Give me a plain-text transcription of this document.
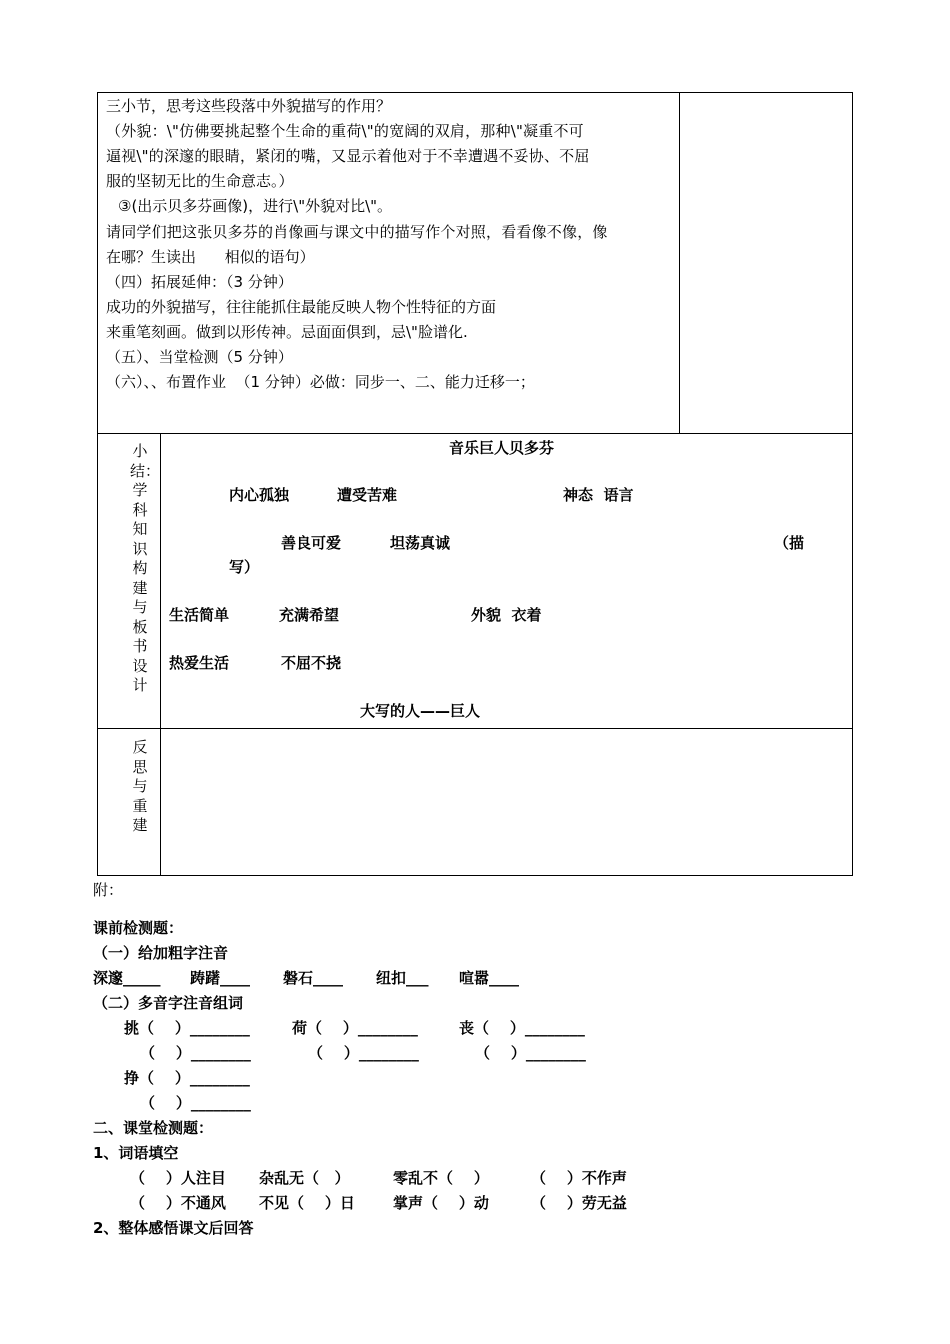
三小节，思考这些段落中外貌描写的作用？
（外貌：\"仿佛要挑起整个生命的重荷\"的宽阔的双肩，那种\"凝重不可
逼视\"的深邃的眼睛，紧闭的嘴，又显示着他对于不幸遭遇不妥协、不屈
服的坚韧无比的生命意志。）
③(出示贝多芬画像)，进行\"外貌对比\"。
请同学们把这张贝多芬的肖像画与课文中的描写作个对照，看看像不像，像
在哪？生读出      相似的语句）
（四）拓展延伸：（3 分钟）
成功的外貌描写，往往能抓住最能反映人物个性特征的方面
来重笔刻画。做到以形传神。忌面面俱到，忌\"脸谱化.
（五）、当堂检测（5 分钟）
（六）、、布置作业  （1 分钟）必做：同步一、二、能力迁移一；
小结：学科知识构建与板书设计
音乐巨人贝多芬
内心孤独	遭受苦难	神态  语言
善良可爱	坦荡真诚	（描
写）
生活简单	充满希望	外貌  衣着
热爱生活	不屈不挠
大写的人——巨人
反思与重建
附：
课前检测题：
（一）给加粗字注音
深邃_____ 踌躇____ 磐石____ 纽扣___ 喧嚣____
（二）多音字注音组词
挑（    ）________	荷（    ）________	丧（    ）________
（    ）________	（    ）________	（    ）________
挣（    ）________
（    ）________
二、课堂检测题：
1、词语填空
（    ）人注目 杂乱无（   ）	零乱不（    ）	（    ）不作声
（    ）不通风 不见（    ）日	掌声（    ）动	（    ）劳无益
2、整体感悟课文后回答
